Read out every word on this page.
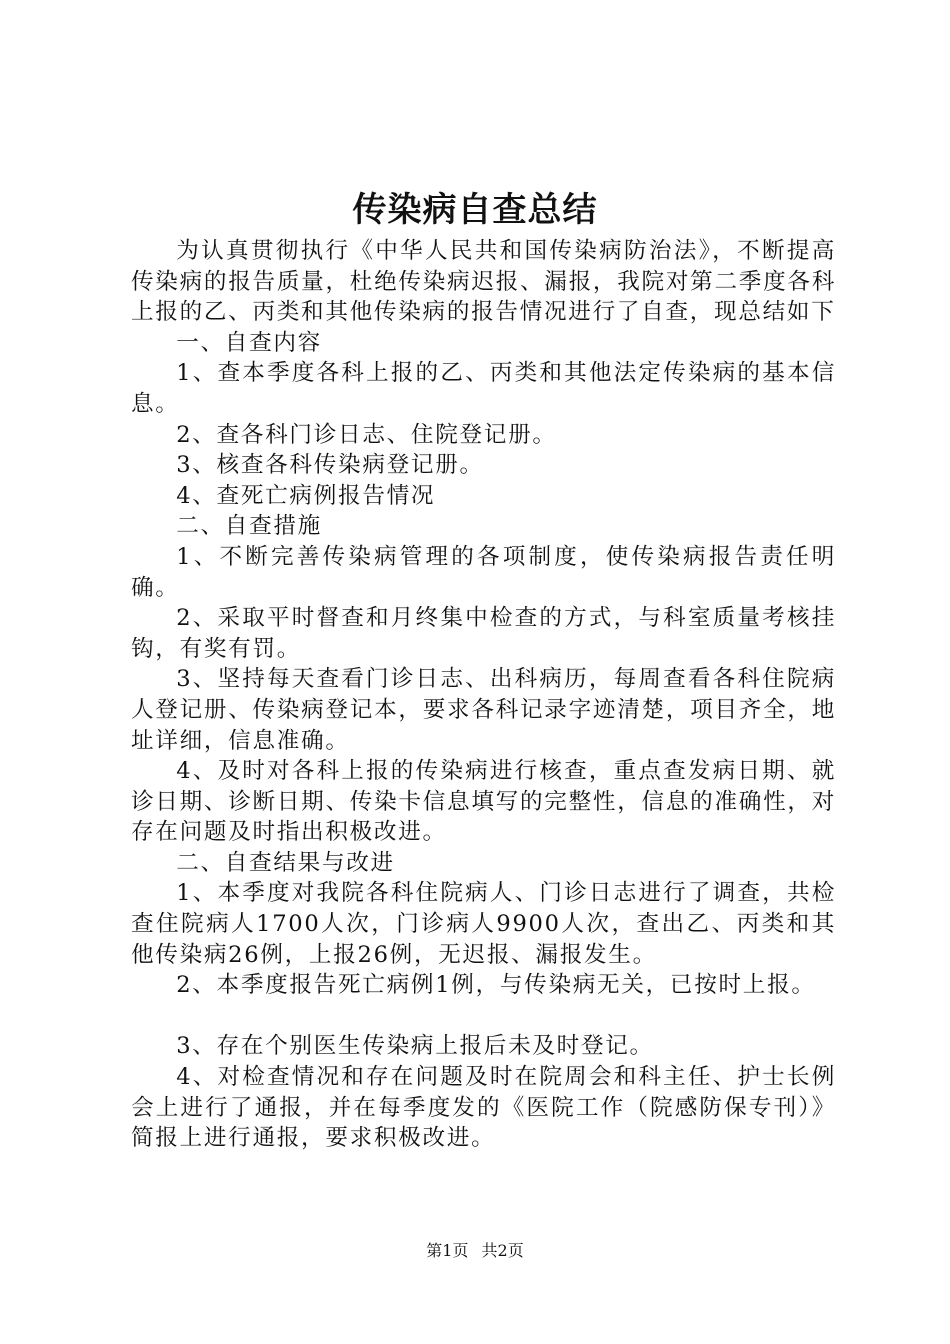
传染病自查总结

为认真贯彻执行《中华人民共和国传染病防治法》，不断提高传染病的报告质量，杜绝传染病迟报、漏报，我院对第二季度各科上报的乙、丙类和其他传染病的报告情况进行了自查，现总结如下

一、自查内容

1、查本季度各科上报的乙、丙类和其他法定传染病的基本信息。

2、查各科门诊日志、住院登记册。

3、核查各科传染病登记册。

4、查死亡病例报告情况

二、自查措施

1、不断完善传染病管理的各项制度，使传染病报告责任明确。

2、采取平时督查和月终集中检查的方式，与科室质量考核挂钩，有奖有罚。

3、坚持每天查看门诊日志、出科病历，每周查看各科住院病人登记册、传染病登记本，要求各科记录字迹清楚，项目齐全，地址详细，信息准确。

4、及时对各科上报的传染病进行核查，重点查发病日期、就诊日期、诊断日期、传染卡信息填写的完整性，信息的准确性，对存在问题及时指出积极改进。

二、自查结果与改进

1、本季度对我院各科住院病人、门诊日志进行了调查，共检查住院病人1700人次，门诊病人9900人次，查出乙、丙类和其他传染病26例，上报26例，无迟报、漏报发生。

2、本季度报告死亡病例1例，与传染病无关，已按时上报。

3、存在个别医生传染病上报后未及时登记。

4、对检查情况和存在问题及时在院周会和科主任、护士长例会上进行了通报，并在每季度发的《医院工作（院感防保专刊）》简报上进行通报，要求积极改进。

第1页 共2页
